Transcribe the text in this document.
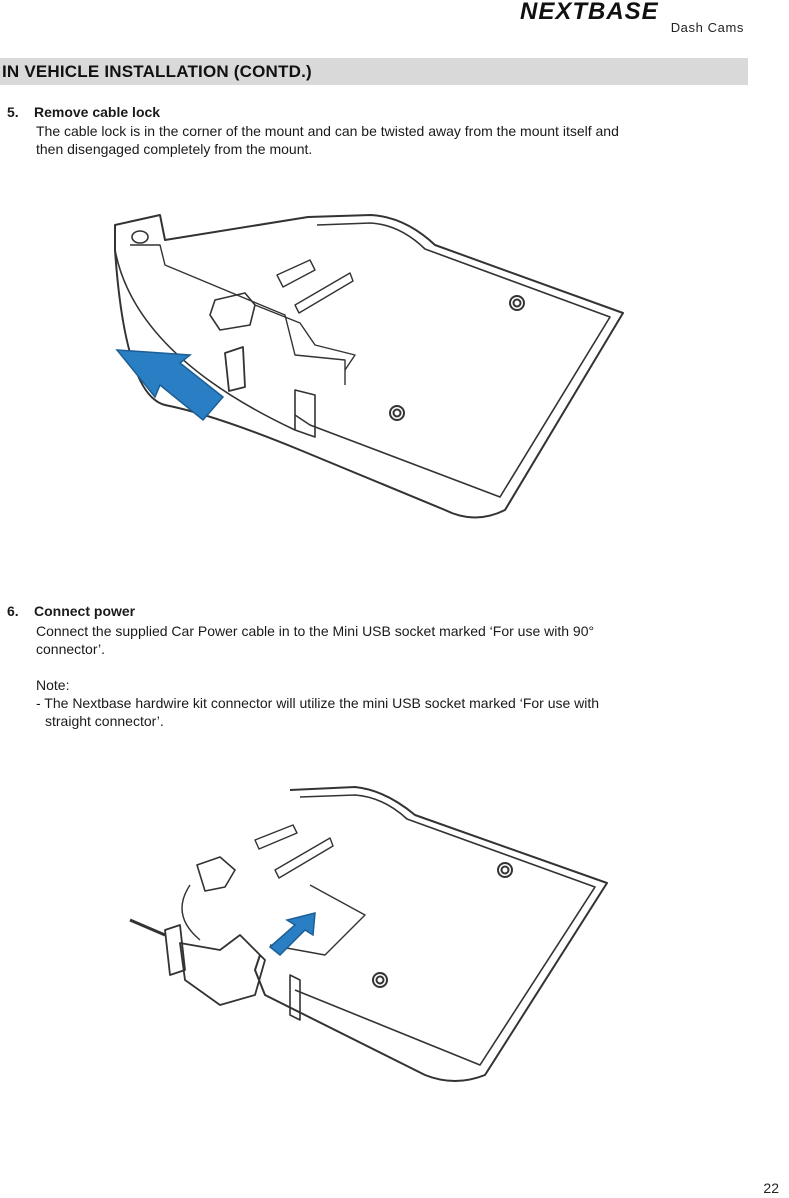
NEXTBASE
Dash Cams
IN VEHICLE INSTALLATION (CONTD.)
5. Remove cable lock
The cable lock is in the corner of the mount and can be twisted away from the mount itself and
then disengaged completely from the mount.
6. Connect power
Connect the supplied Car Power cable in to the Mini USB socket marked ‘For use with 90°
connector’.
Note:
- The Nextbase hardwire kit connector will utilize the mini USB socket marked ‘For use with
straight connector’.
22
